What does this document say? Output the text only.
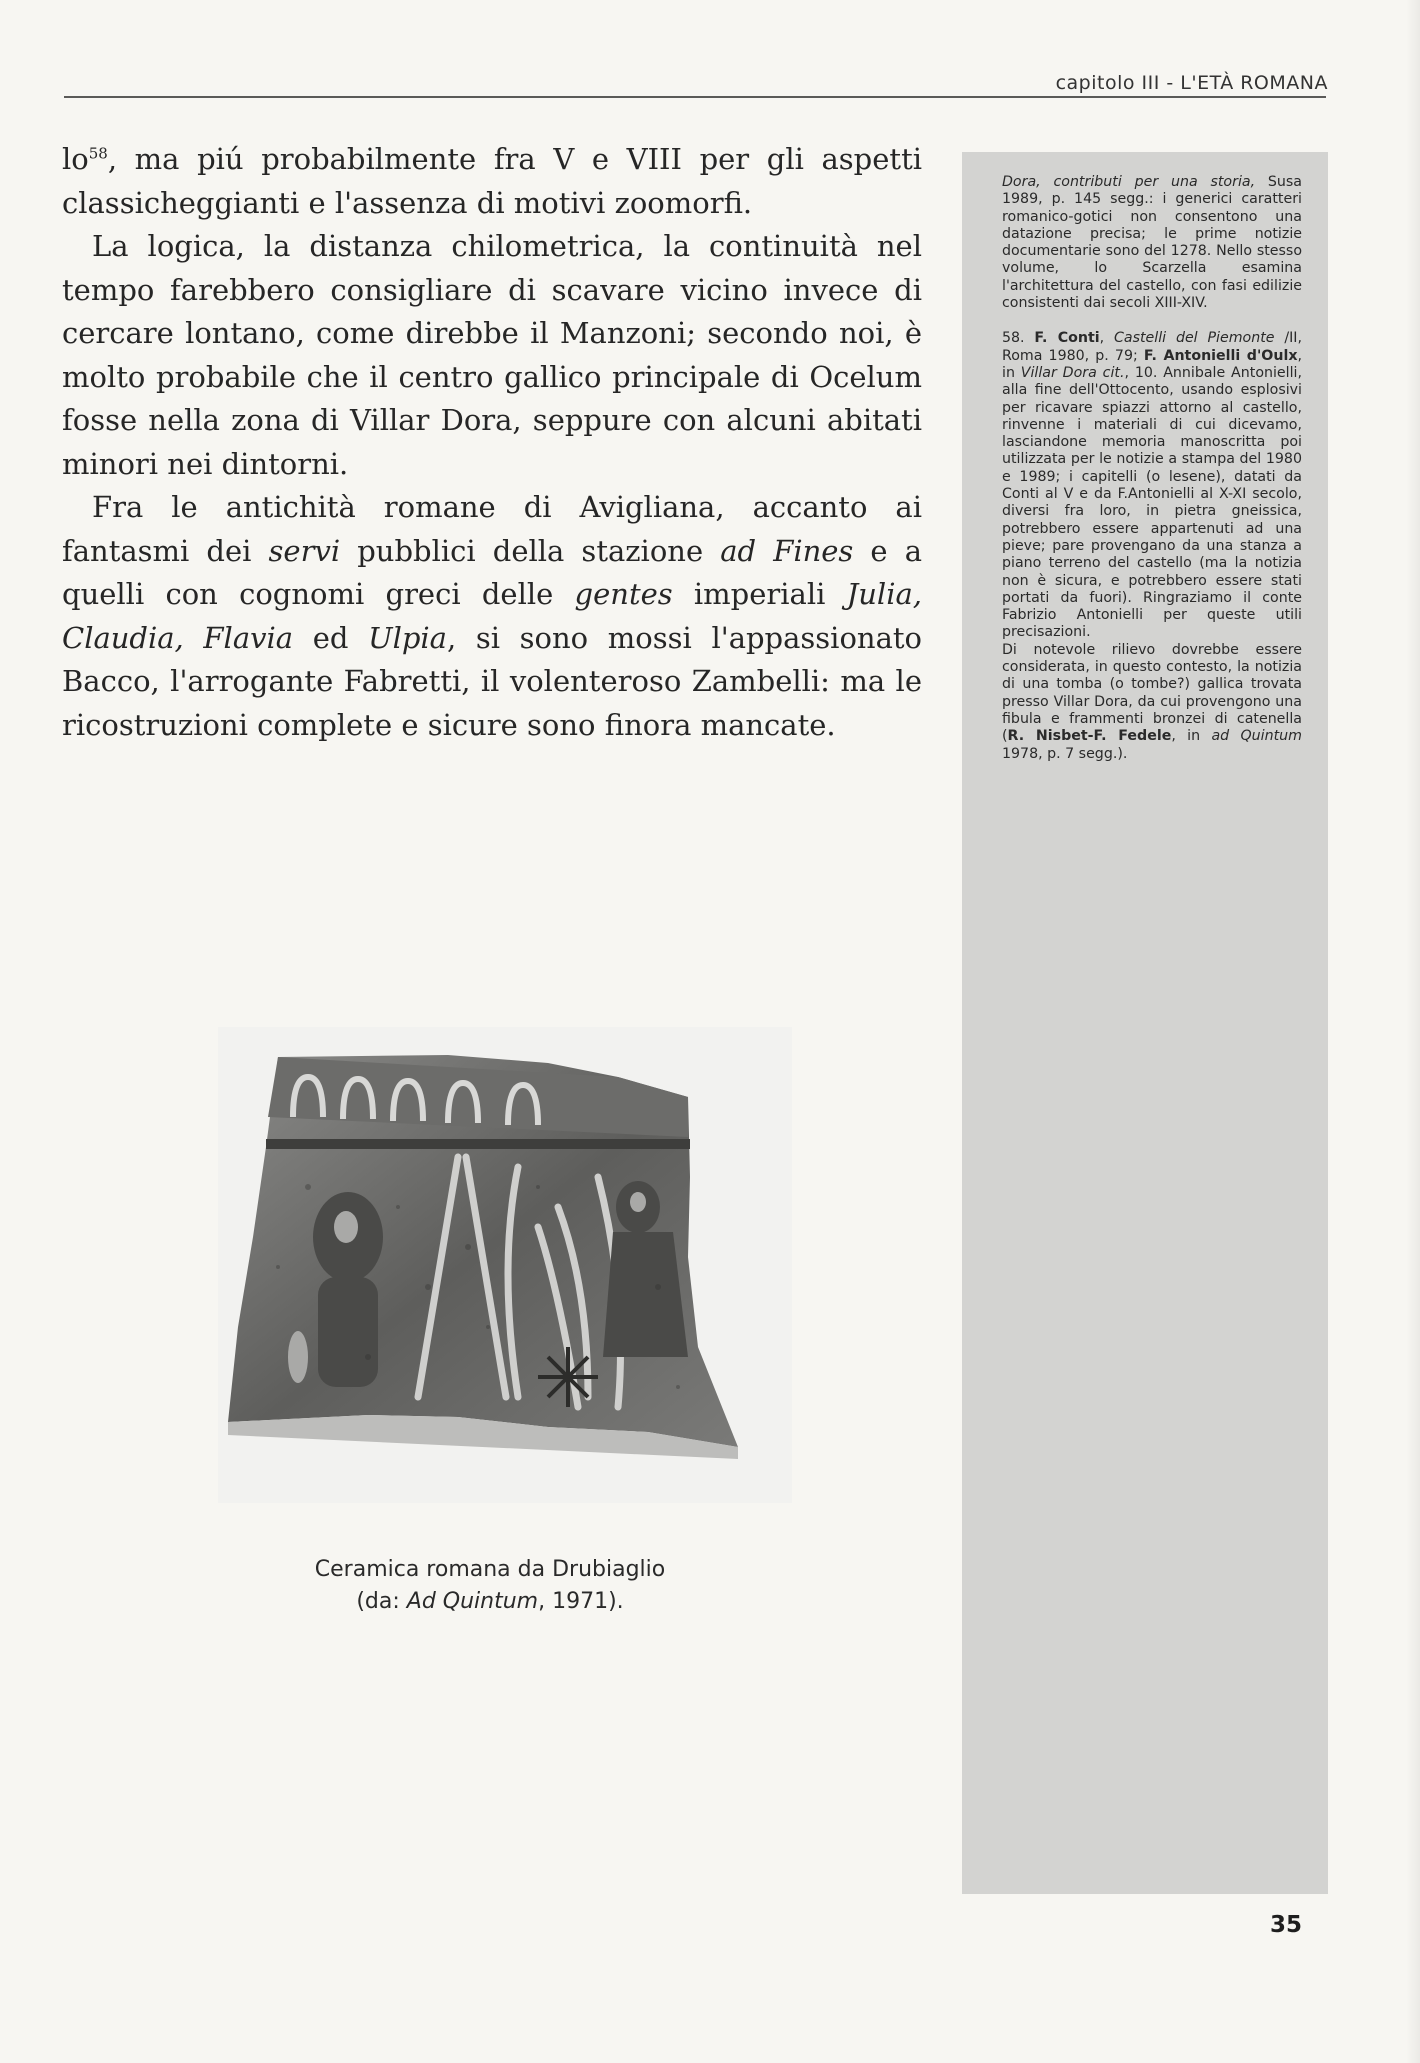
capitolo III - L'ETÀ ROMANA

lo$^{58}$, ma piú probabilmente fra V e VIII per gli aspetti classicheggianti e l'assenza di motivi zoomorfi.

La logica, la distanza chilometrica, la continuità nel tempo farebbero consigliare di scavare vicino invece di cercare lontano, come direbbe il Manzoni; secondo noi, è molto probabile che il centro gallico principale di Ocelum fosse nella zona di Villar Dora, seppure con alcuni abitati minori nei dintorni.

Fra le antichità romane di Avigliana, accanto ai fantasmi dei servi pubblici della stazione ad Fines e a quelli con cognomi greci delle gentes imperiali Julia, Claudia, Flavia ed Ulpia, si sono mossi l'appassionato Bacco, l'arrogante Fabretti, il volenteroso Zambelli: ma le ricostruzioni complete e sicure sono finora mancate.

Dora, contributi per una storia, Susa 1989, p. 145 segg.: i generici caratteri romanico-gotici non consentono una datazione precisa; le prime notizie documentarie sono del 1278. Nello stesso volume, lo Scarzella esamina l'architettura del castello, con fasi edilizie consistenti dai secoli XIII-XIV.

58. F. Conti, Castelli del Piemonte /II, Roma 1980, p. 79; F. Antonielli d'Oulx, in Villar Dora cit., 10. Annibale Antonielli, alla fine dell'Ottocento, usando esplosivi per ricavare spiazzi attorno al castello, rinvenne i materiali di cui dicevamo, lasciandone memoria manoscritta poi utilizzata per le notizie a stampa del 1980 e 1989; i capitelli (o lesene), datati da Conti al V e da F.Antonielli al X-XI secolo, diversi fra loro, in pietra gneissica, potrebbero essere appartenuti ad una pieve; pare provengano da una stanza a piano terreno del castello (ma la notizia non è sicura, e potrebbero essere stati portati da fuori). Ringraziamo il conte Fabrizio Antonielli per queste utili precisazioni.

Di notevole rilievo dovrebbe essere considerata, in questo contesto, la notizia di una tomba (o tombe?) gallica trovata presso Villar Dora, da cui provengono una fibula e frammenti bronzei di catenella (R. Nisbet-F. Fedele, in ad Quintum 1978, p. 7 segg.).

Ceramica romana da Drubiaglio
(da: Ad Quintum, 1971).
35
